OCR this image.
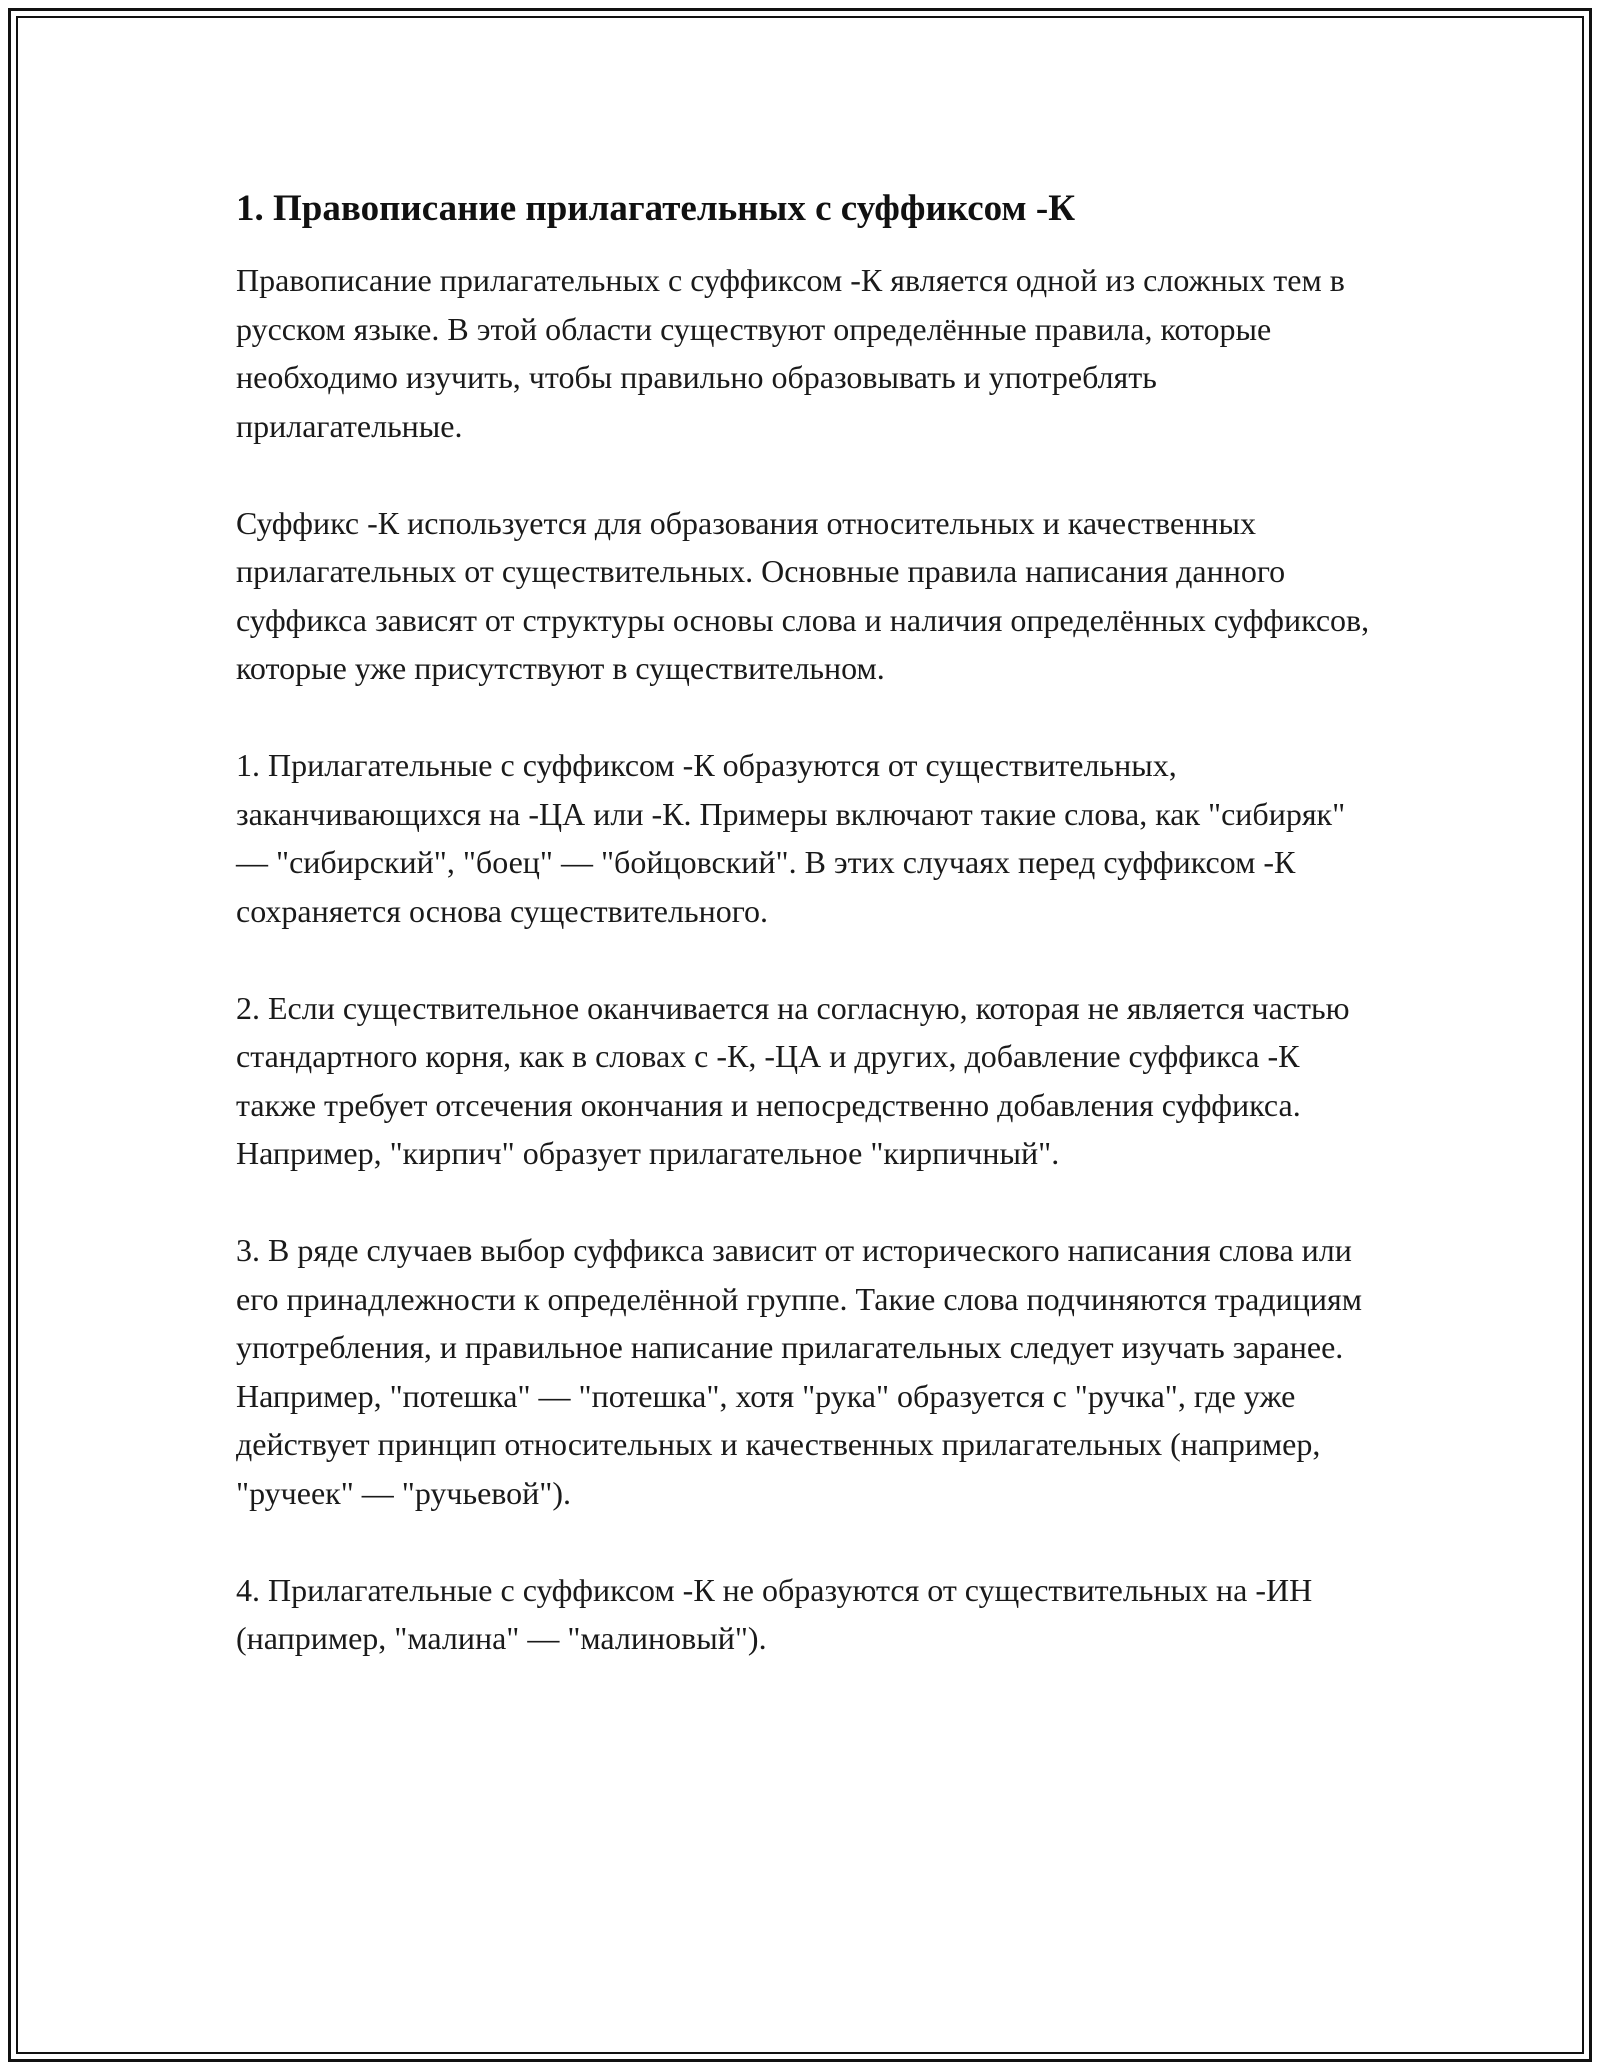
1. Правописание прилагательных с суффиксом -К

Правописание прилагательных с суффиксом -К является одной из сложных тем в русском языке. В этой области существуют определённые правила, которые необходимо изучить, чтобы правильно образовывать и употреблять прилагательные.

Суффикс -К используется для образования относительных и качественных прилагательных от существительных. Основные правила написания данного суффикса зависят от структуры основы слова и наличия определённых суффиксов, которые уже присутствуют в существительном.

1. Прилагательные с суффиксом -К образуются от существительных, заканчивающихся на -ЦА или -К. Примеры включают такие слова, как "сибиряк" — "сибирский", "боец" — "бойцовский". В этих случаях перед суффиксом -К сохраняется основа существительного.

2. Если существительное оканчивается на согласную, которая не является частью стандартного корня, как в словах с -К, -ЦА и других, добавление суффикса -К также требует отсечения окончания и непосредственно добавления суффикса. Например, "кирпич" образует прилагательное "кирпичный".

3. В ряде случаев выбор суффикса зависит от исторического написания слова или его принадлежности к определённой группе. Такие слова подчиняются традициям употребления, и правильное написание прилагательных следует изучать заранее. Например, "потешка" — "потешка", хотя "рука" образуется с "ручка", где уже действует принцип относительных и качественных прилагательных (например, "ручеек" — "ручьевой").

4. Прилагательные с суффиксом -К не образуются от существительных на -ИН (например, "малина" — "малиновый").
